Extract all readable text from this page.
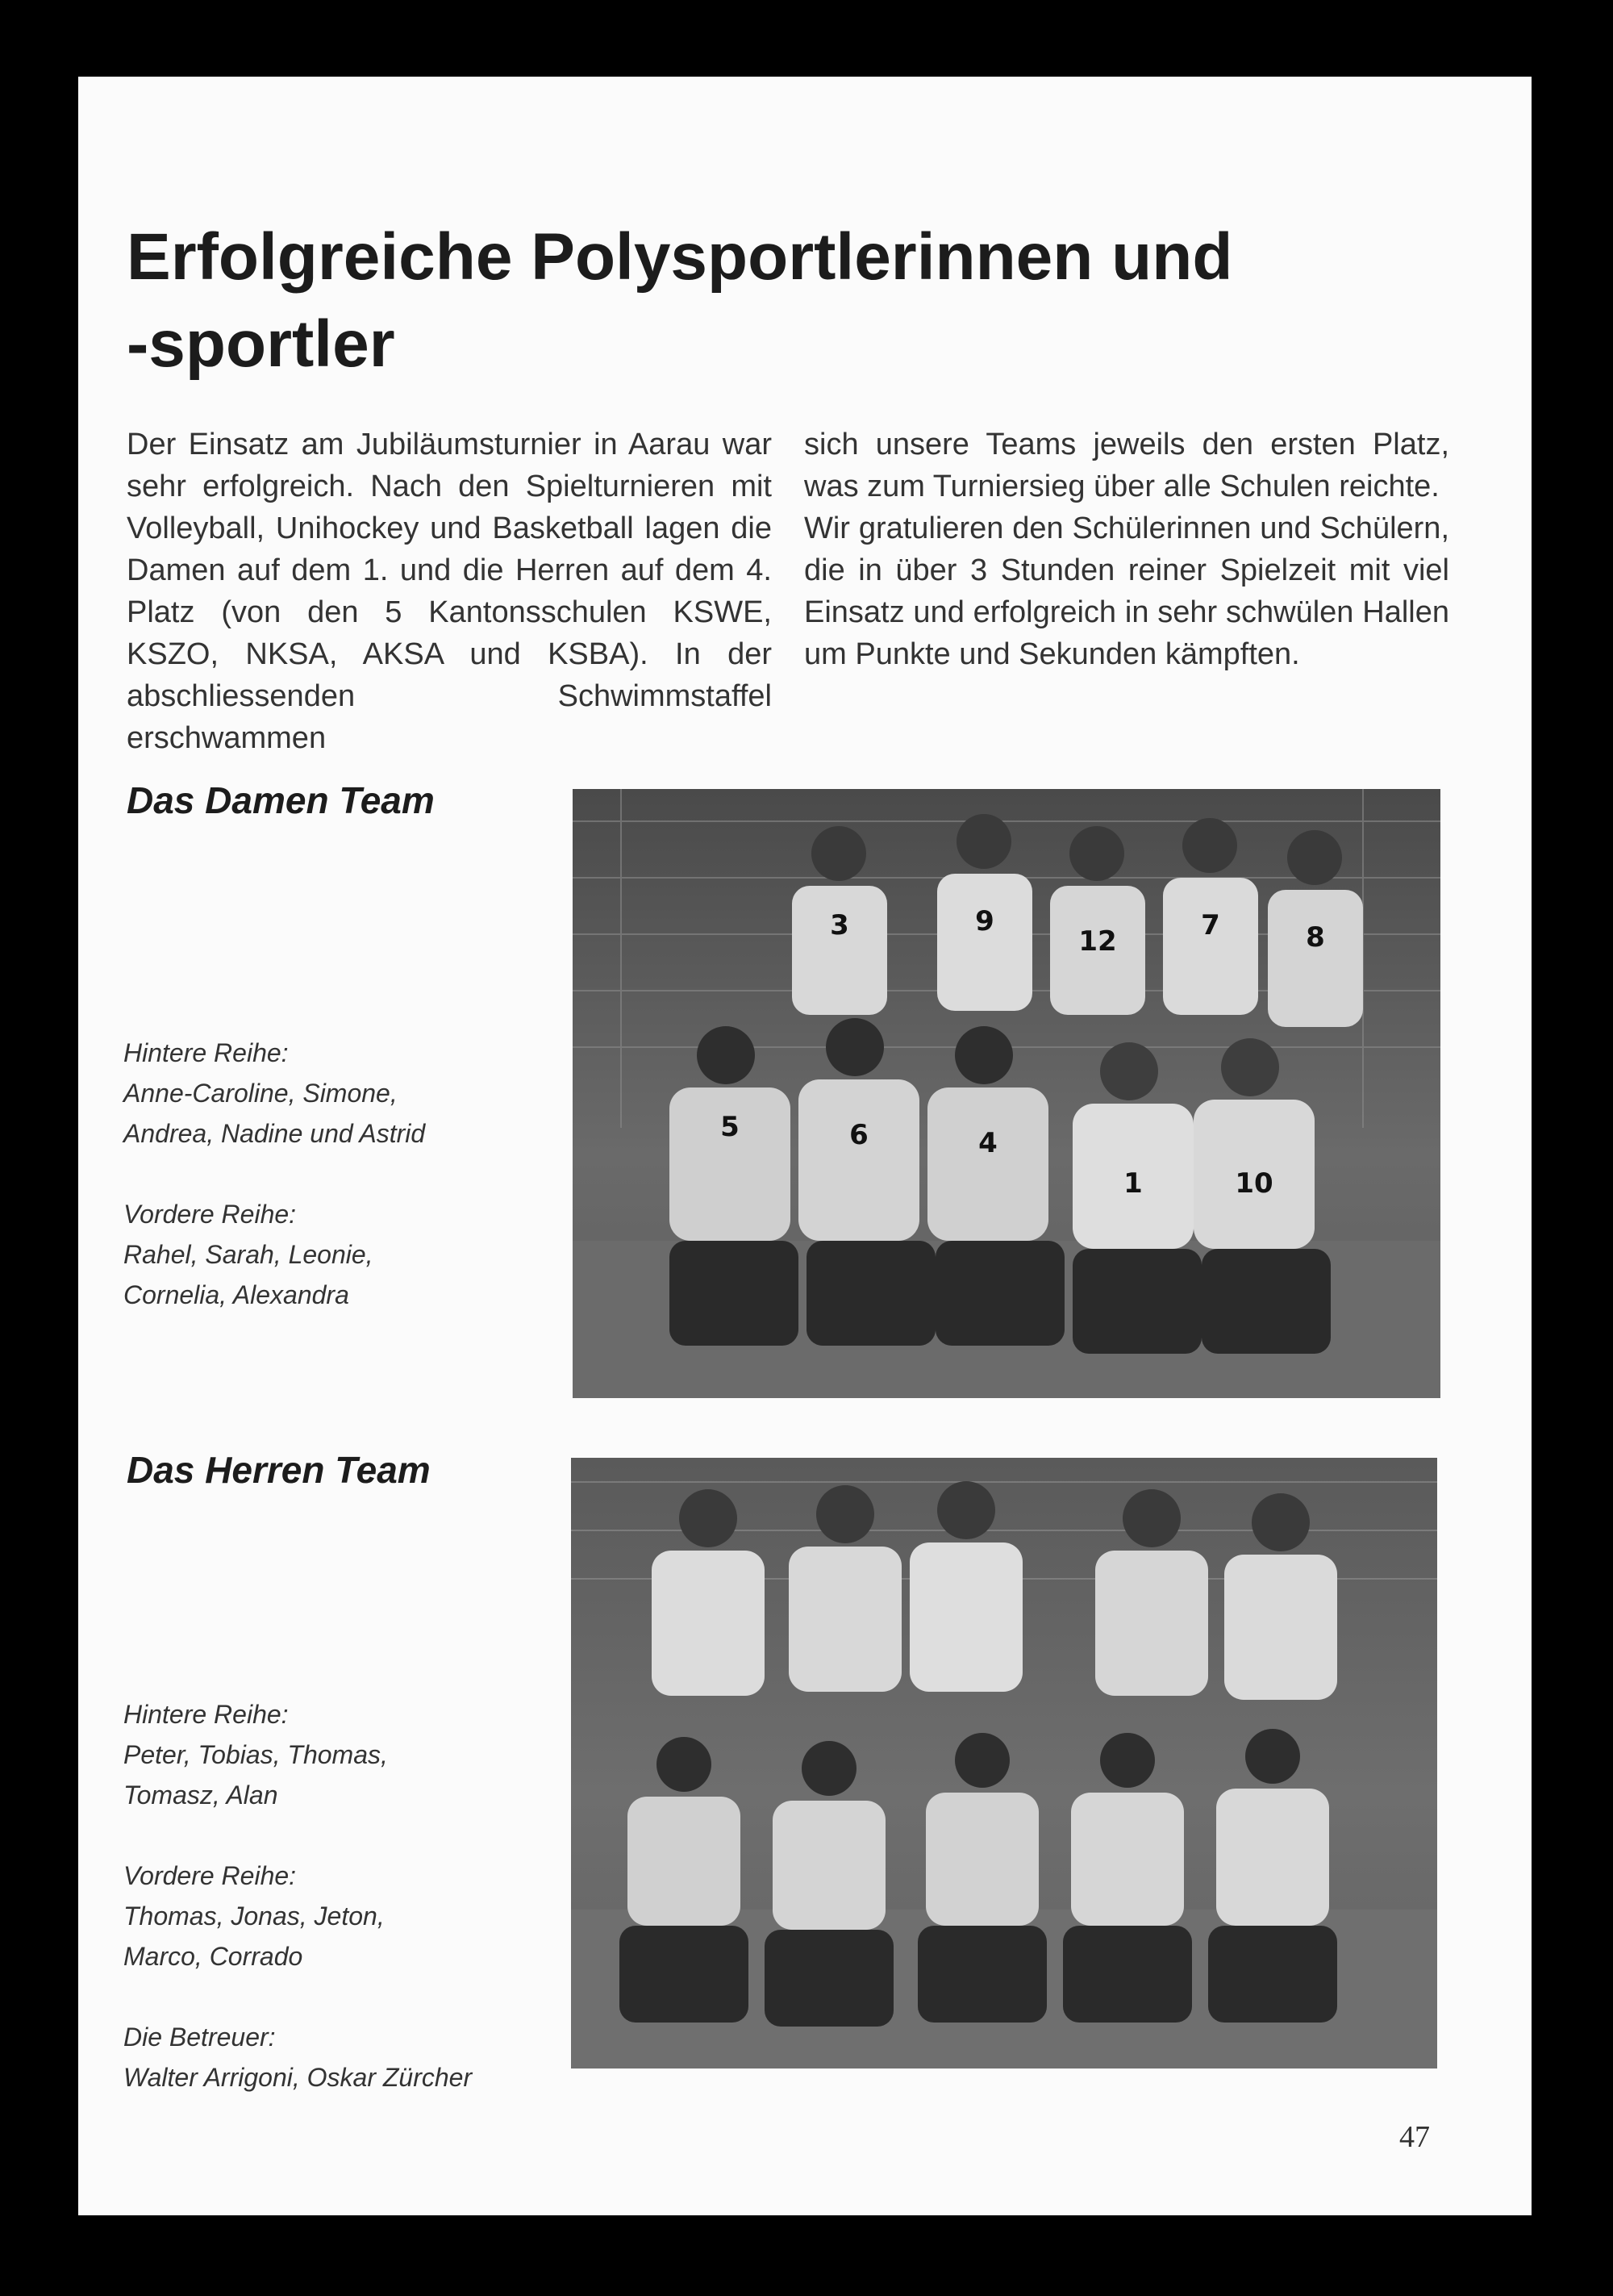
Erfolgreiche Polysportlerinnen und
-sportler

Der Einsatz am Jubiläumsturnier in Aarau war sehr erfolgreich. Nach den Spielturnieren mit Volleyball, Unihockey und Basketball lagen die Damen auf dem 1. und die Herren auf dem 4. Platz (von den 5 Kantonsschulen KSWE, KSZO, NKSA, AKSA und KSBA). In der abschliessenden Schwimmstaffel erschwammen

sich unsere Teams jeweils den ersten Platz, was zum Turniersieg über alle Schulen reichte.

Wir gratulieren den Schülerinnen und Schülern, die in über 3 Stunden reiner Spielzeit mit viel Einsatz und erfolgreich in sehr schwülen Hallen um Punkte und Sekunden kämpften.

Das Damen Team

Hintere Reihe:

Anne-Caroline, Simone,

Andrea, Nadine und Astrid

Vordere Reihe:

Rahel, Sarah, Leonie,

Cornelia, Alexandra

3	9
12	7	8
5	6	4
1	10
Das Herren Team

Hintere Reihe:

Peter, Tobias, Thomas,

Tomasz, Alan

Vordere Reihe:

Thomas, Jonas, Jeton,

Marco, Corrado

Die Betreuer:

Walter Arrigoni, Oskar Zürcher

47
